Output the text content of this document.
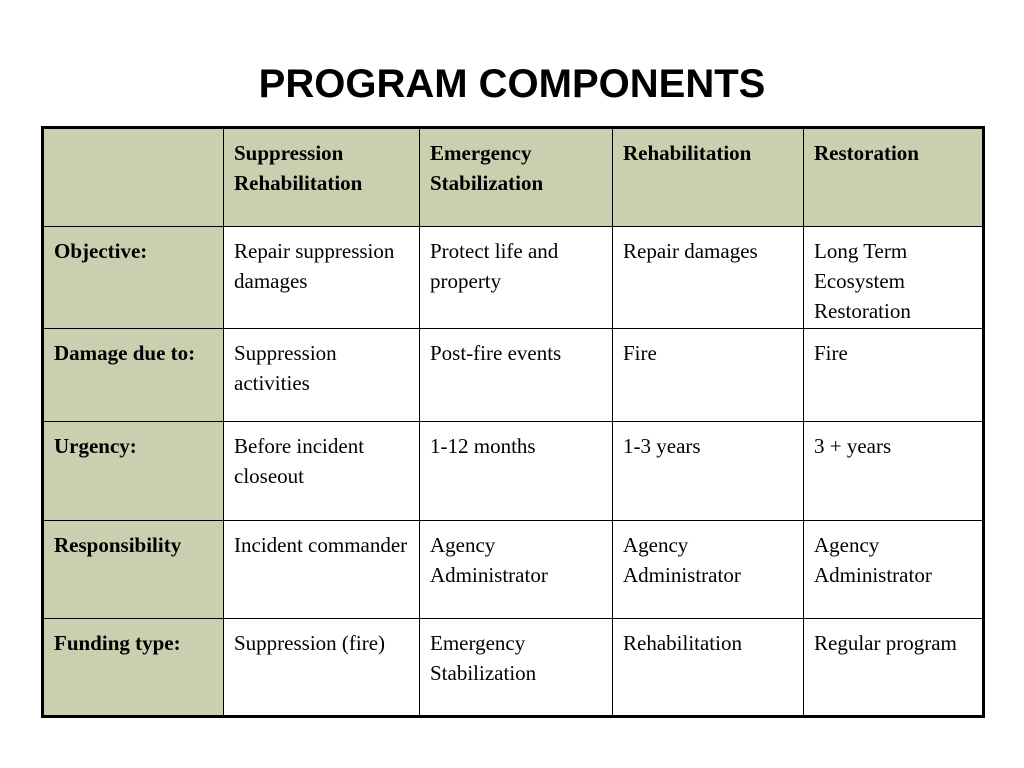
PROGRAM COMPONENTS
	Suppression Rehabilitation	Emergency Stabilization	Rehabilitation	Restoration
Objective:	Repair suppression damages	Protect life and property	Repair damages	Long Term Ecosystem Restoration
Damage due to:	Suppression activities	Post-fire events	Fire	Fire
Urgency:	Before incident closeout	1-12 months	1-3 years	3 + years
Responsibility	Incident commander	Agency Administrator	Agency Administrator	Agency Administrator
Funding type:	Suppression (fire)	Emergency Stabilization	Rehabilitation	Regular program
